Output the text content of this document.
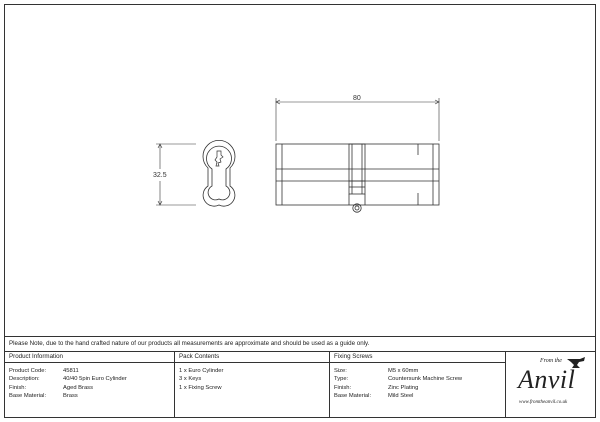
32.5
80
Please Note, due to the hand crafted nature of our products all measurements are approximate and should be used as a guide only.
Product Information
Product Code:	45811
Description:	40/40 5pin Euro Cylinder
Finish:	Aged Brass
Base Material:	Brass
Pack Contents
1 x Euro Cylinder
3 x Keys
1 x Fixing Screw
Fixing Screws
Size:	M5 x 60mm
Type:	Countersunk Machine Screw
Finish:	Zinc Plating
Base Material:	Mild Steel
From the
Anvil
www.fromtheanvil.co.uk
